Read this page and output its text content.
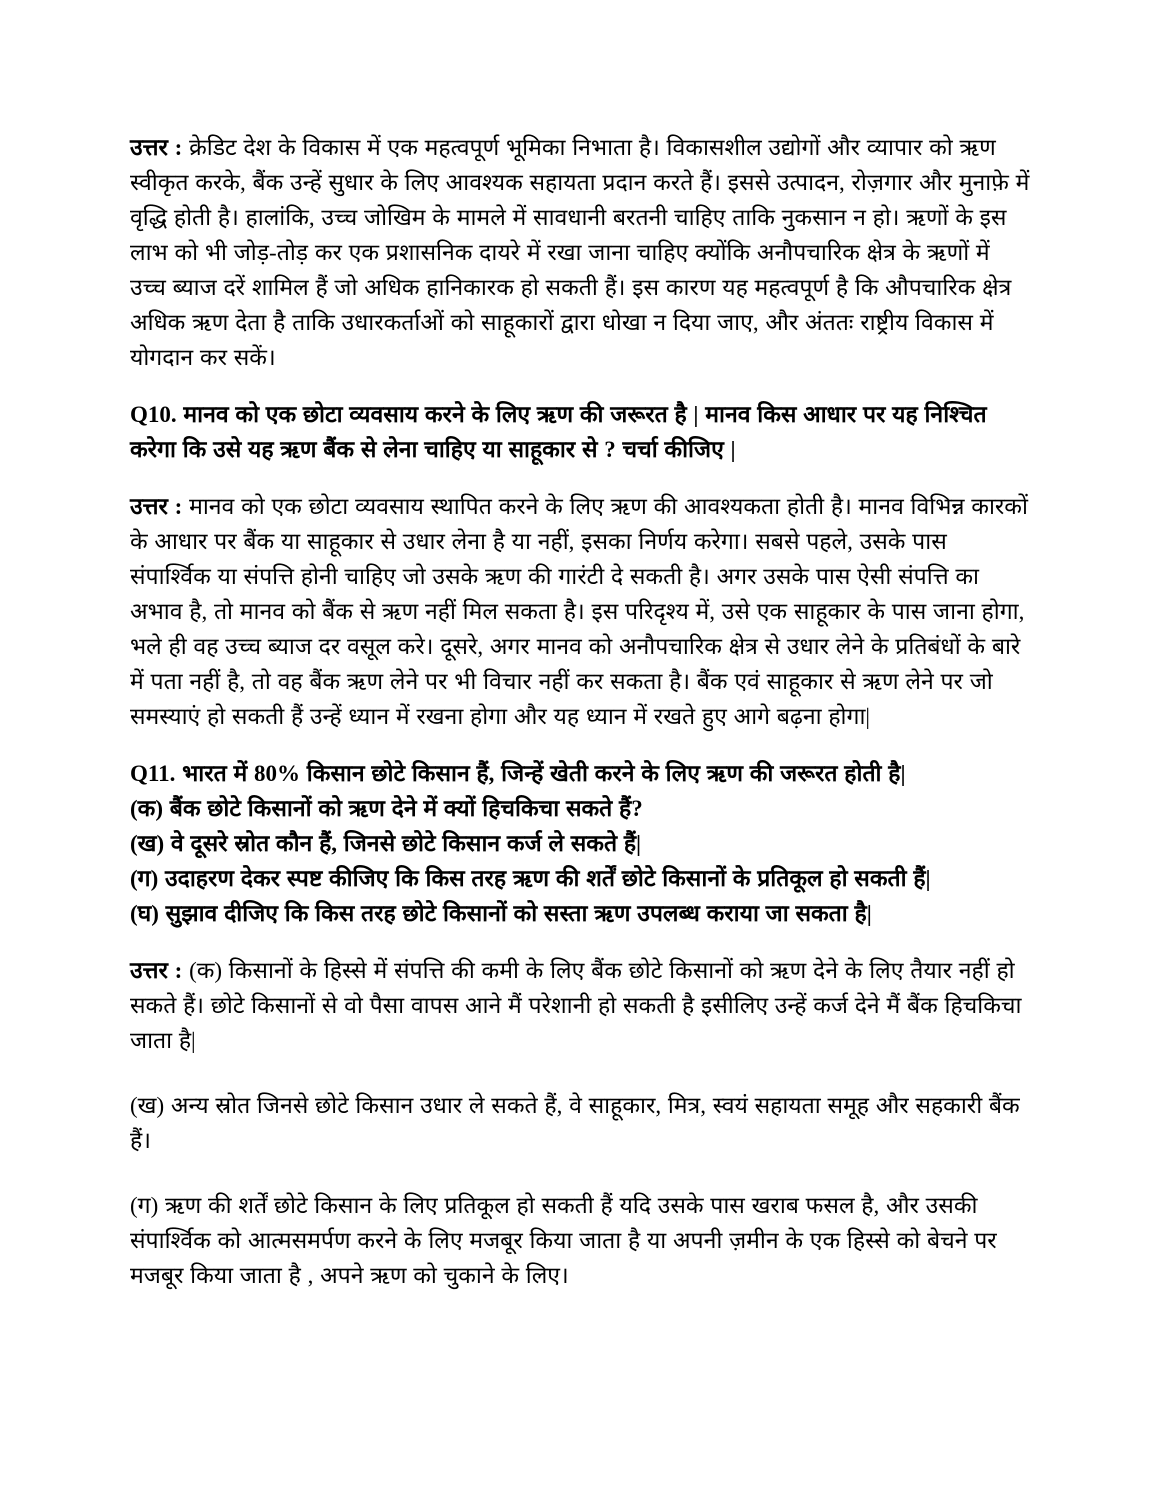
उत्तर : क्रेडिट देश के विकास में एक महत्वपूर्ण भूमिका निभाता है। विकासशील उद्योगों और व्यापार को ऋण स्वीकृत करके, बैंक उन्हें सुधार के लिए आवश्यक सहायता प्रदान करते हैं। इससे उत्पादन, रोज़गार और मुनाफ़े में वृद्धि होती है। हालांकि, उच्च जोखिम के मामले में सावधानी बरतनी चाहिए ताकि नुकसान न हो। ऋणों के इस लाभ को भी जोड़-तोड़ कर एक प्रशासनिक दायरे में रखा जाना चाहिए क्योंकि अनौपचारिक क्षेत्र के ऋणों में उच्च ब्याज दरें शामिल हैं जो अधिक हानिकारक हो सकती हैं। इस कारण यह महत्वपूर्ण है कि औपचारिक क्षेत्र अधिक ऋण देता है ताकि उधारकर्ताओं को साहूकारों द्वारा धोखा न दिया जाए, और अंततः राष्ट्रीय विकास में योगदान कर सकें।

Q10. मानव को एक छोटा व्यवसाय करने के लिए ऋण की जरूरत है | मानव किस आधार पर यह निश्चित करेगा कि उसे यह ऋण बैंक से लेना चाहिए या साहूकार से ? चर्चा कीजिए |

उत्तर : मानव को एक छोटा व्यवसाय स्थापित करने के लिए ऋण की आवश्यकता होती है। मानव विभिन्न कारकों के आधार पर बैंक या साहूकार से उधार लेना है या नहीं, इसका निर्णय करेगा। सबसे पहले, उसके पास संपार्श्विक या संपत्ति होनी चाहिए जो उसके ऋण की गारंटी दे सकती है। अगर उसके पास ऐसी संपत्ति का अभाव है, तो मानव को बैंक से ऋण नहीं मिल सकता है। इस परिदृश्य में, उसे एक साहूकार के पास जाना होगा, भले ही वह उच्च ब्याज दर वसूल करे। दूसरे, अगर मानव को अनौपचारिक क्षेत्र से उधार लेने के प्रतिबंधों के बारे में पता नहीं है, तो वह बैंक ऋण लेने पर भी विचार नहीं कर सकता है। बैंक एवं साहूकार से ऋण लेने पर जो समस्याएं हो सकती हैं उन्हें ध्यान में रखना होगा और यह ध्यान में रखते हुए आगे बढ़ना होगा|

Q11. भारत में 80% किसान छोटे किसान हैं, जिन्हें खेती करने के लिए ऋण की जरूरत होती है|
(क) बैंक छोटे किसानों को ऋण देने में क्यों हिचकिचा सकते हैं?
(ख) वे दूसरे स्रोत कौन हैं, जिनसे छोटे किसान कर्ज ले सकते हैं|
(ग) उदाहरण देकर स्पष्ट कीजिए कि किस तरह ऋण की शर्तें छोटे किसानों के प्रतिकूल हो सकती हैं|
(घ) सुझाव दीजिए कि किस तरह छोटे किसानों को सस्ता ऋण उपलब्ध कराया जा सकता है|

उत्तर : (क) किसानों के हिस्से में संपत्ति की कमी के लिए बैंक छोटे किसानों को ऋण देने के लिए तैयार नहीं हो सकते हैं। छोटे किसानों से वो पैसा वापस आने मैं परेशानी हो सकती है इसीलिए उन्हें कर्ज देने मैं बैंक हिचकिचा जाता है|

(ख) अन्य स्रोत जिनसे छोटे किसान उधार ले सकते हैं, वे साहूकार, मित्र, स्वयं सहायता समूह और सहकारी बैंक हैं।

(ग) ऋण की शर्तें छोटे किसान के लिए प्रतिकूल हो सकती हैं यदि उसके पास खराब फसल है, और उसकी संपार्श्विक को आत्मसमर्पण करने के लिए मजबूर किया जाता है या अपनी ज़मीन के एक हिस्से को बेचने पर मजबूर किया जाता है , अपने ऋण को चुकाने के लिए।
